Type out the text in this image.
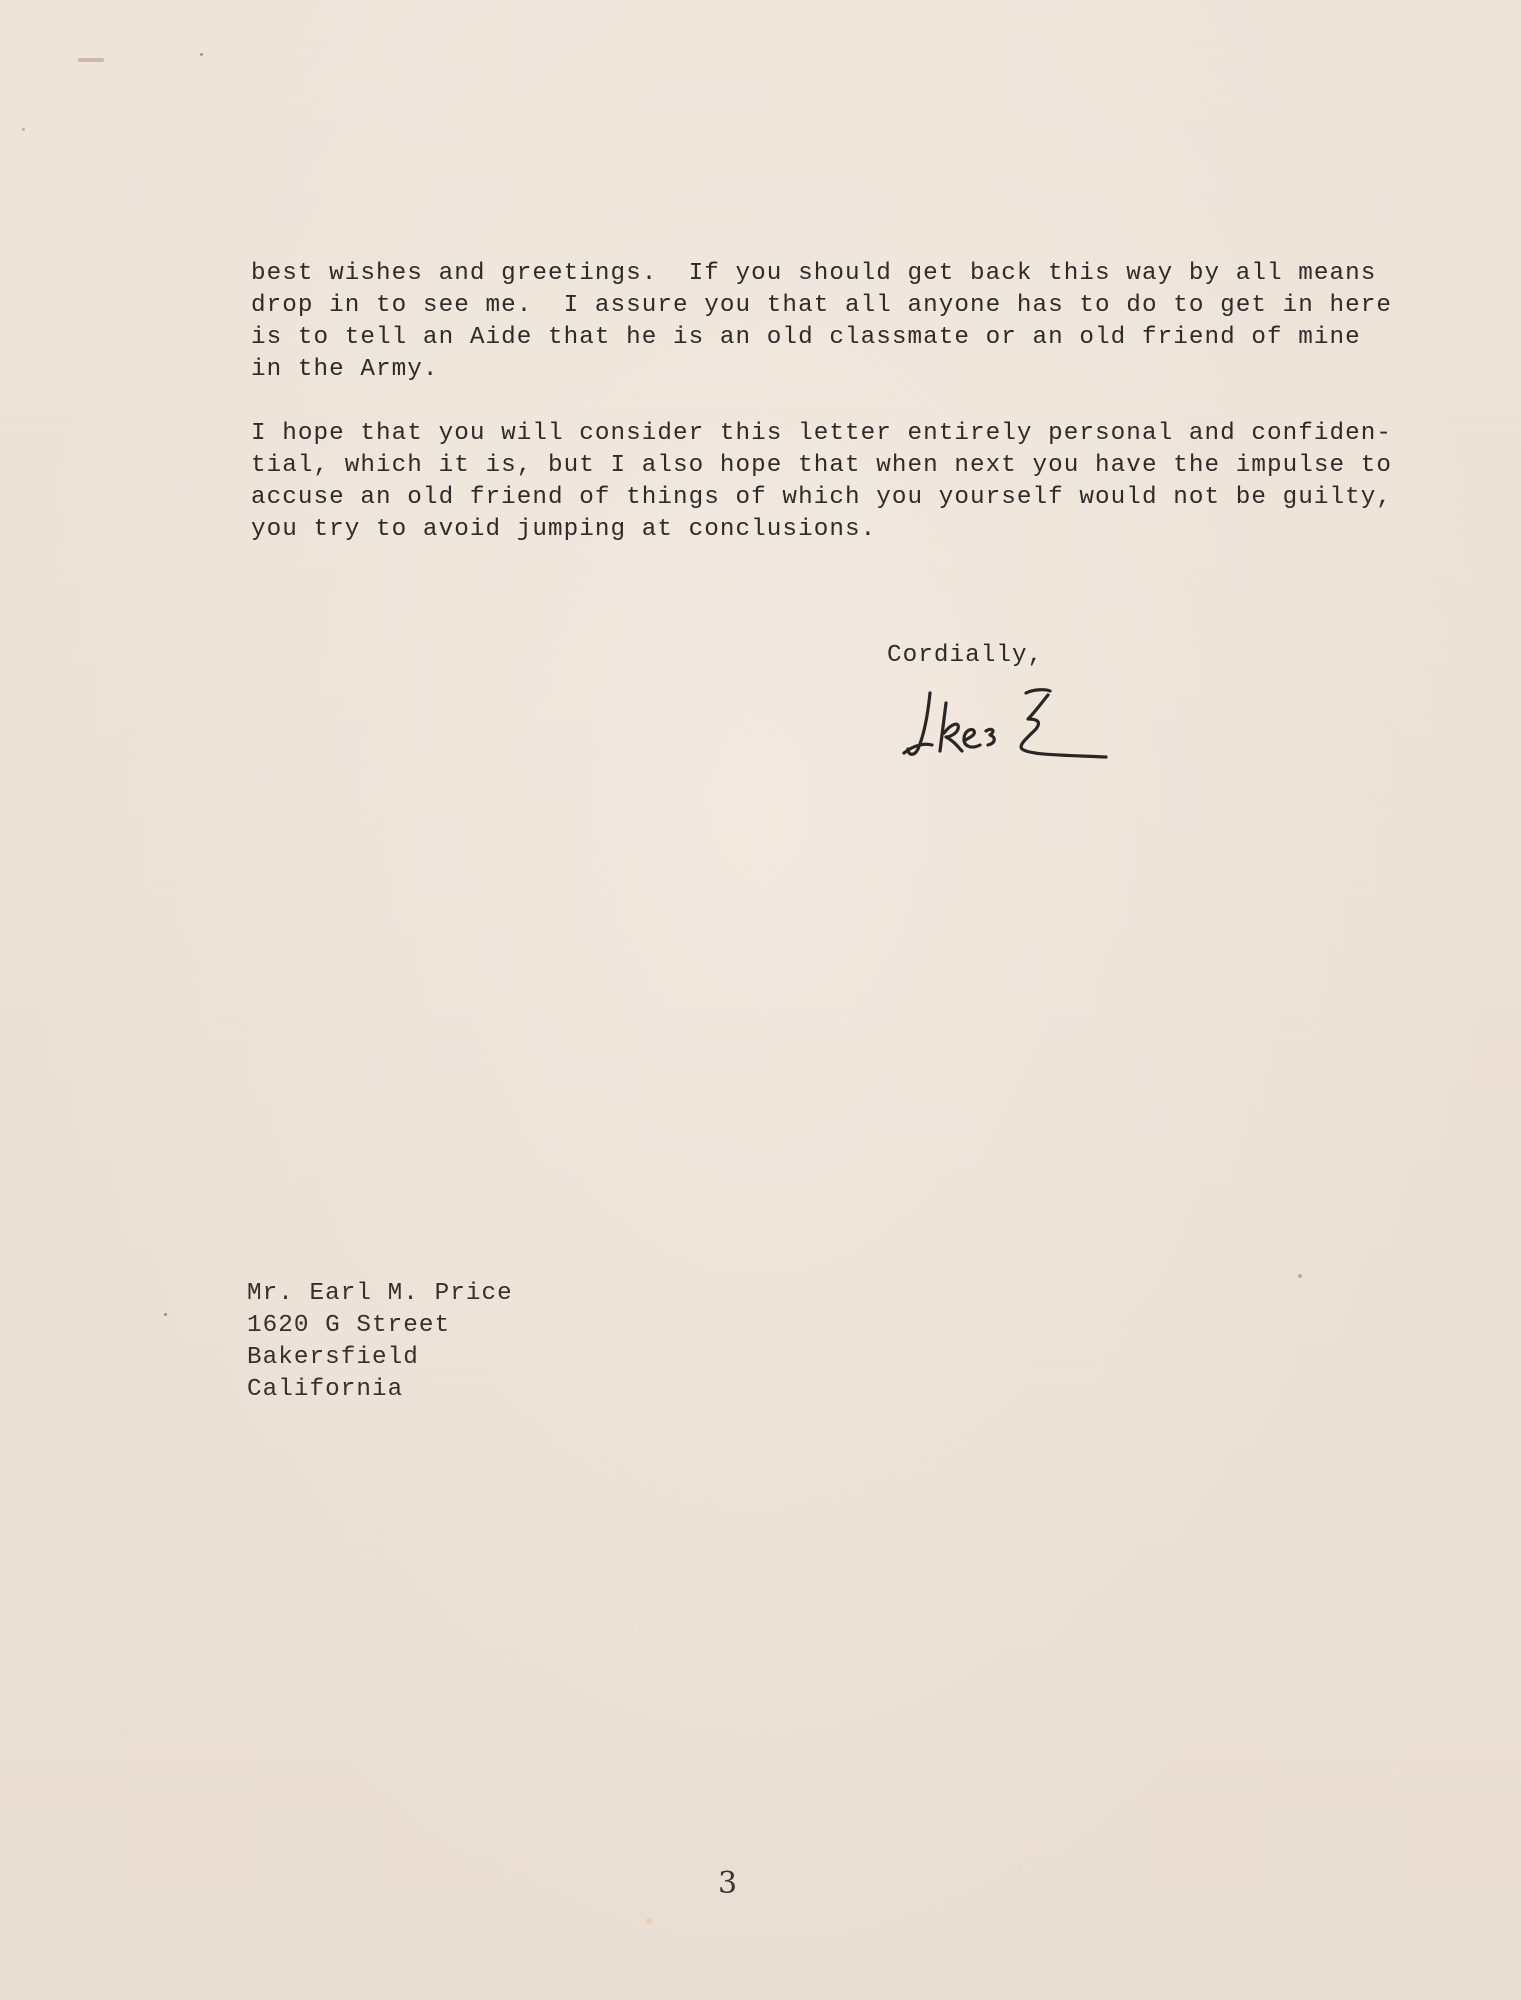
best wishes and greetings.  If you should get back this way by all means
drop in to see me.  I assure you that all anyone has to do to get in here
is to tell an Aide that he is an old classmate or an old friend of mine
in the Army.
I hope that you will consider this letter entirely personal and confiden-
tial, which it is, but I also hope that when next you have the impulse to
accuse an old friend of things of which you yourself would not be guilty,
you try to avoid jumping at conclusions.
Cordially,
Mr. Earl M. Price
1620 G Street
Bakersfield
California
3
